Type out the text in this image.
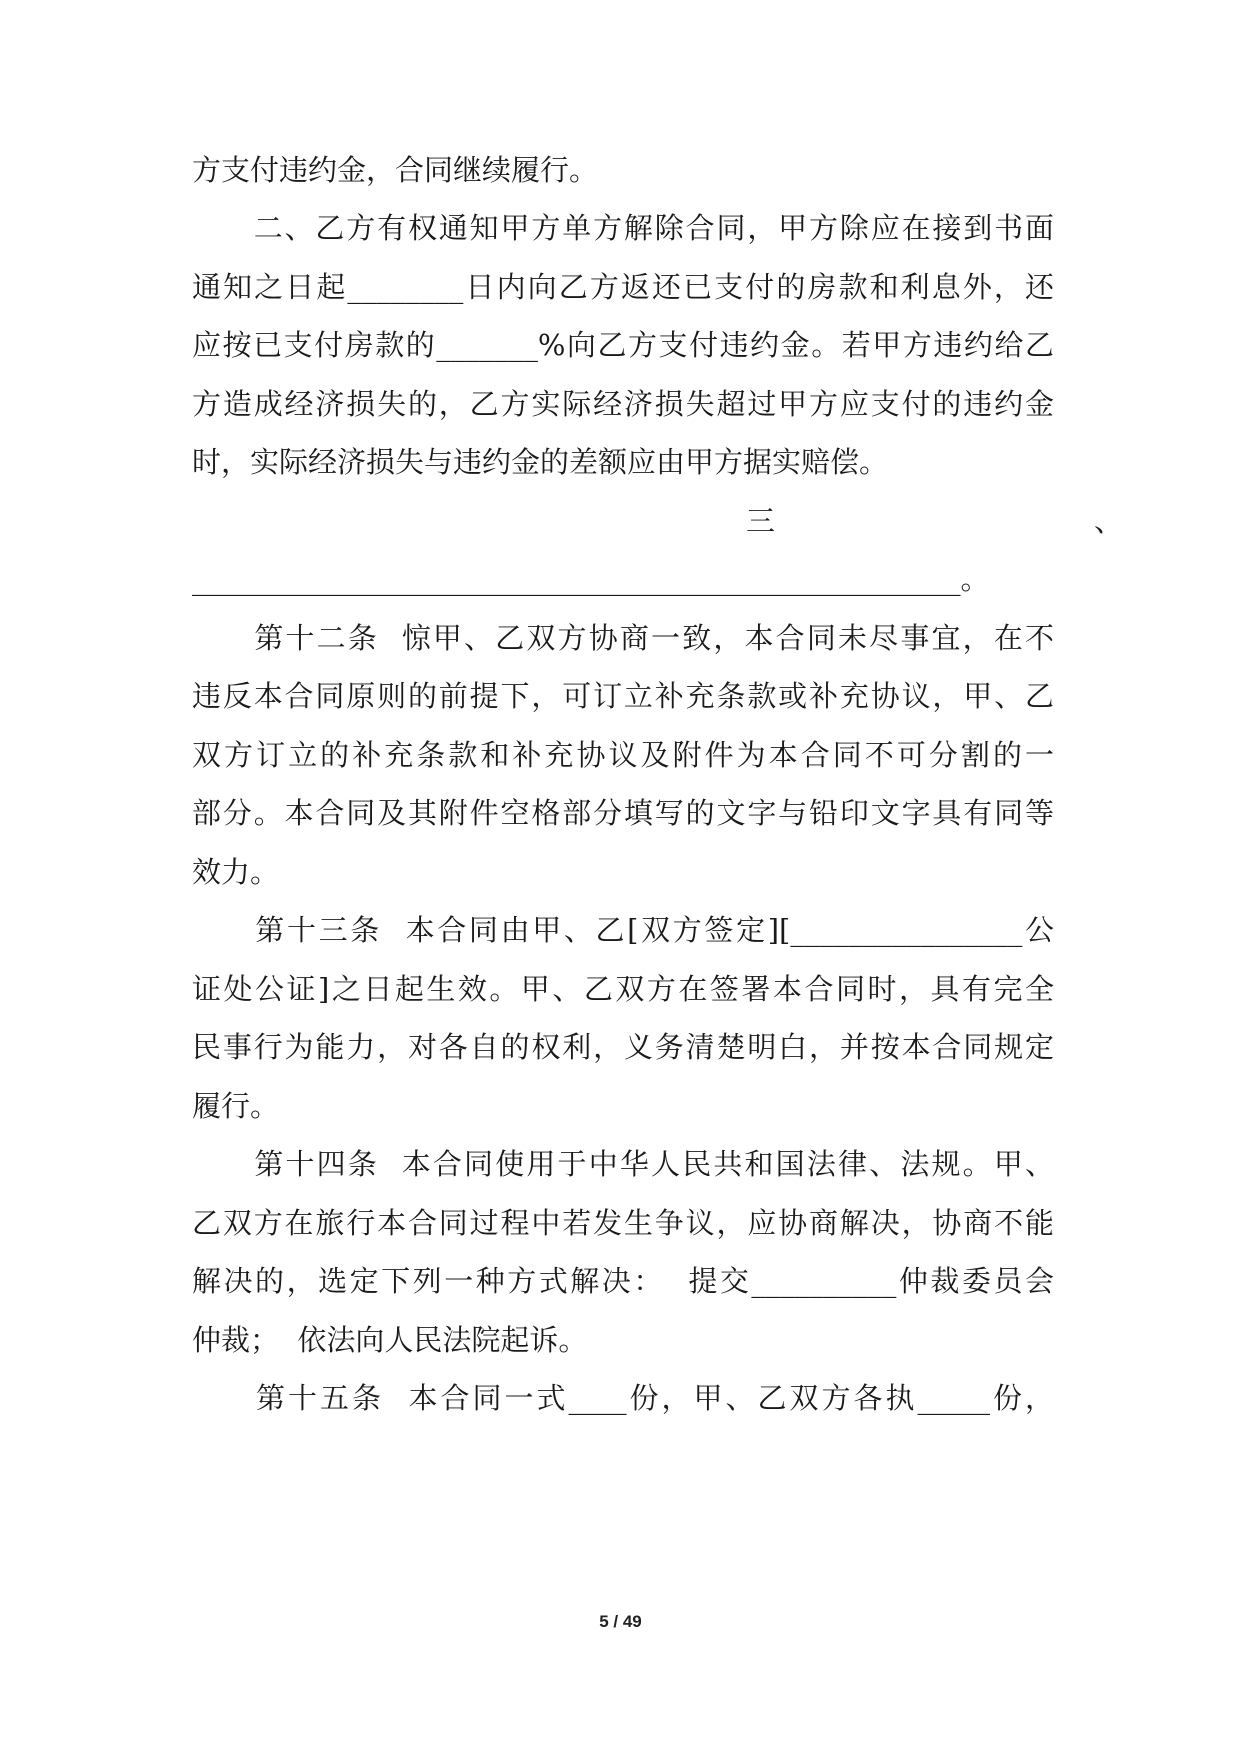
方支付违约金，合同继续履行。
　　二、乙方有权通知甲方单方解除合同，甲方除应在接到书面
通知之日起________日内向乙方返还已支付的房款和利息外，还
应按已支付房款的_______%向乙方支付违约金。若甲方违约给乙
方造成经济损失的，乙方实际经济损失超过甲方应支付的违约金
时，实际经济损失与违约金的差额应由甲方据实赔偿。
三　　　　　　　　　　　、
_____________________________________________________。
　　第十二条  惊甲、乙双方协商一致，本合同未尽事宜，在不
违反本合同原则的前提下，可订立补充条款或补充协议，甲、乙
双方订立的补充条款和补充协议及附件为本合同不可分割的一
部分。本合同及其附件空格部分填写的文字与铅印文字具有同等
效力。
　　第十三条  本合同由甲、乙[双方签定][________________公
证处公证]之日起生效。甲、乙双方在签署本合同时，具有完全
民事行为能力，对各自的权利，义务清楚明白，并按本合同规定
履行。
　　第十四条  本合同使用于中华人民共和国法律、法规。甲、
乙双方在旅行本合同过程中若发生争议，应协商解决，协商不能
解决的，选定下列一种方式解决：  提交__________仲裁委员会
仲裁；  依法向人民法院起诉。
　　第十五条  本合同一式____份，甲、乙双方各执_____份，
5 / 49
